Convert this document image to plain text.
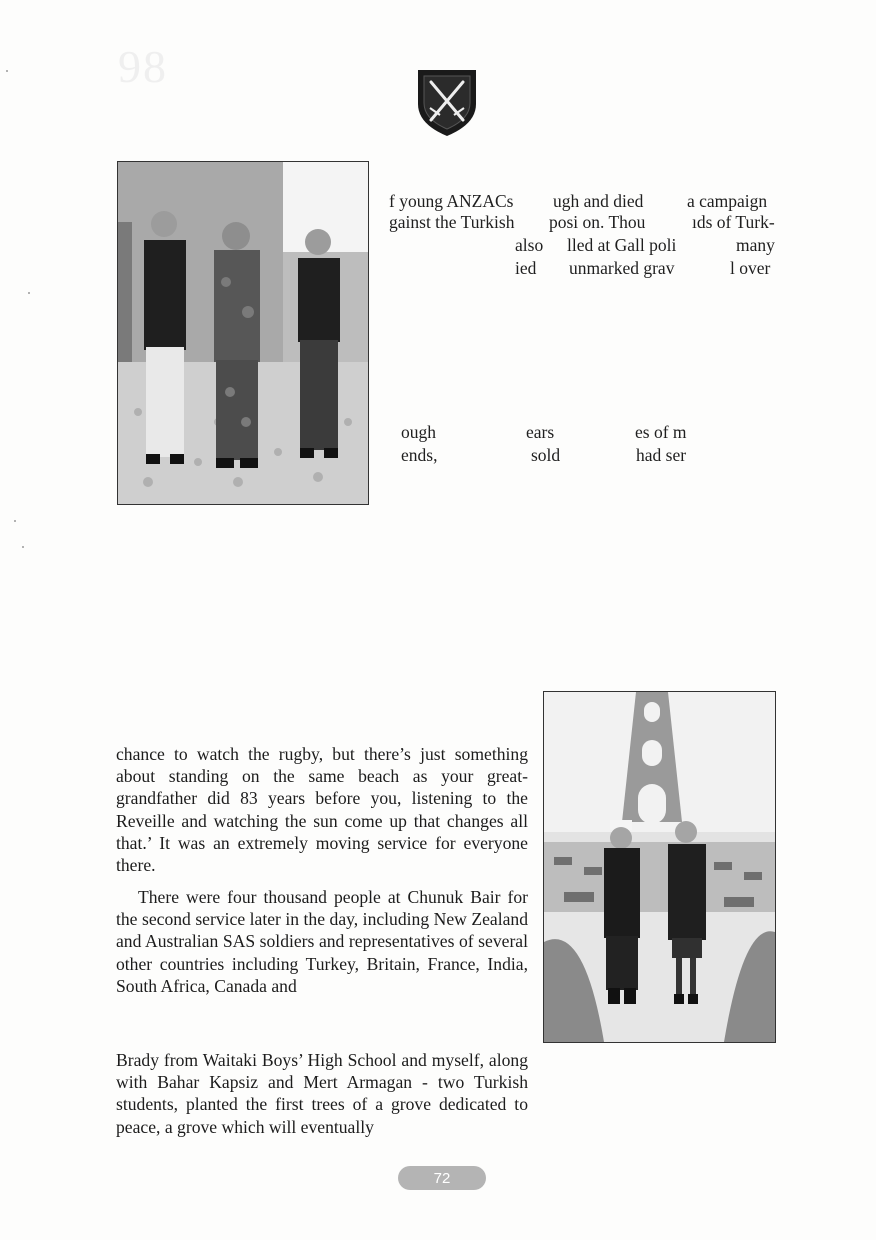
98
f young ANZACs ugh and died a campaign
gainst the Turkish posi on. Thou	ıds of Turk-
also lled at Gall poli	many
ied unmarked grav	l over
ough	ears	es of m
ends,	sold	had ser

chance to watch the rugby, but there’s just something about standing on the same beach as your great-grandfather did 83 years before you, listening to the Reveille and watching the sun come up that changes all that.’ It was an extremely moving service for everyone there.

There were four thousand people at Chunuk Bair for the second service later in the day, including New Zealand and Australian SAS soldiers and representatives of several other countries including Turkey, Britain, France, India, South Africa, Canada and

Brady from Waitaki Boys’ High School and myself, along with Bahar Kapsiz and Mert Armagan - two Turkish students, planted the first trees of a grove dedicated to peace, a grove which will eventually

72
